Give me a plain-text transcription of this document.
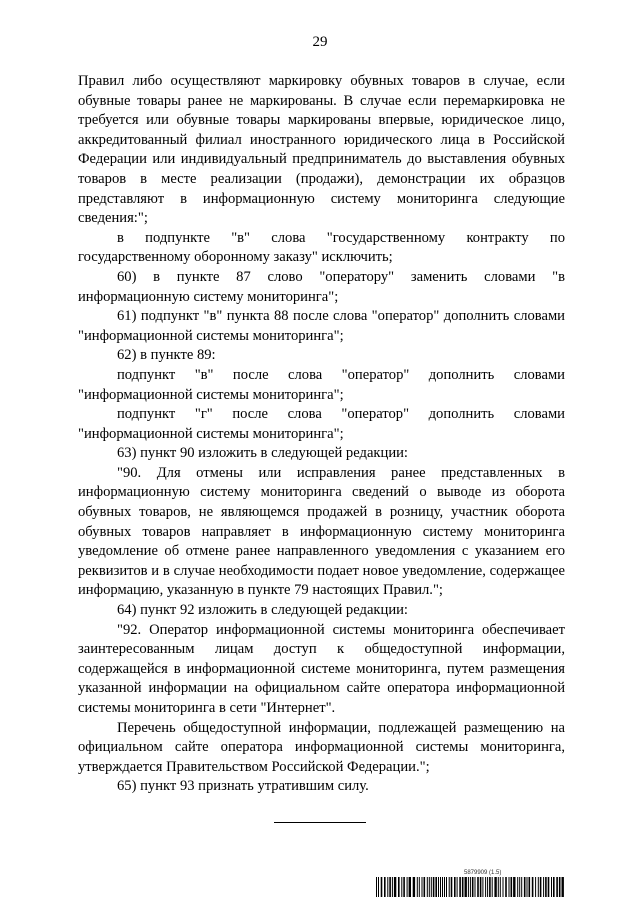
29

Правил либо осуществляют маркировку обувных товаров в случае, если обувные товары ранее не маркированы. В случае если перемаркировка не требуется или обувные товары маркированы впервые, юридическое лицо, аккредитованный филиал иностранного юридического лица в Российской Федерации или индивидуальный предприниматель до выставления обувных товаров в месте реализации (продажи), демонстрации их образцов представляют в информационную систему мониторинга следующие сведения:";

в подпункте "в" слова "государственному контракту по государственному оборонному заказу" исключить;

60) в пункте 87 слово "оператору" заменить словами "в информационную систему мониторинга";

61) подпункт "в" пункта 88 после слова "оператор" дополнить словами "информационной системы мониторинга";

62) в пункте 89:

подпункт "в" после слова "оператор" дополнить словами "информационной системы мониторинга";

подпункт "г" после слова "оператор" дополнить словами "информационной системы мониторинга";

63) пункт 90 изложить в следующей редакции:

"90. Для отмены или исправления ранее представленных в информационную систему мониторинга сведений о выводе из оборота обувных товаров, не являющемся продажей в розницу, участник оборота обувных товаров направляет в информационную систему мониторинга уведомление об отмене ранее направленного уведомления с указанием его реквизитов и в случае необходимости подает новое уведомление, содержащее информацию, указанную в пункте 79 настоящих Правил.";

64) пункт 92 изложить в следующей редакции:

"92. Оператор информационной системы мониторинга обеспечивает заинтересованным лицам доступ к общедоступной информации, содержащейся в информационной системе мониторинга, путем размещения указанной информации на официальном сайте оператора информационной системы мониторинга в сети "Интернет".

Перечень общедоступной информации, подлежащей размещению на официальном сайте оператора информационной системы мониторинга, утверждается Правительством Российской Федерации.";

65) пункт 93 признать утратившим силу.

5879909 (1.5)
